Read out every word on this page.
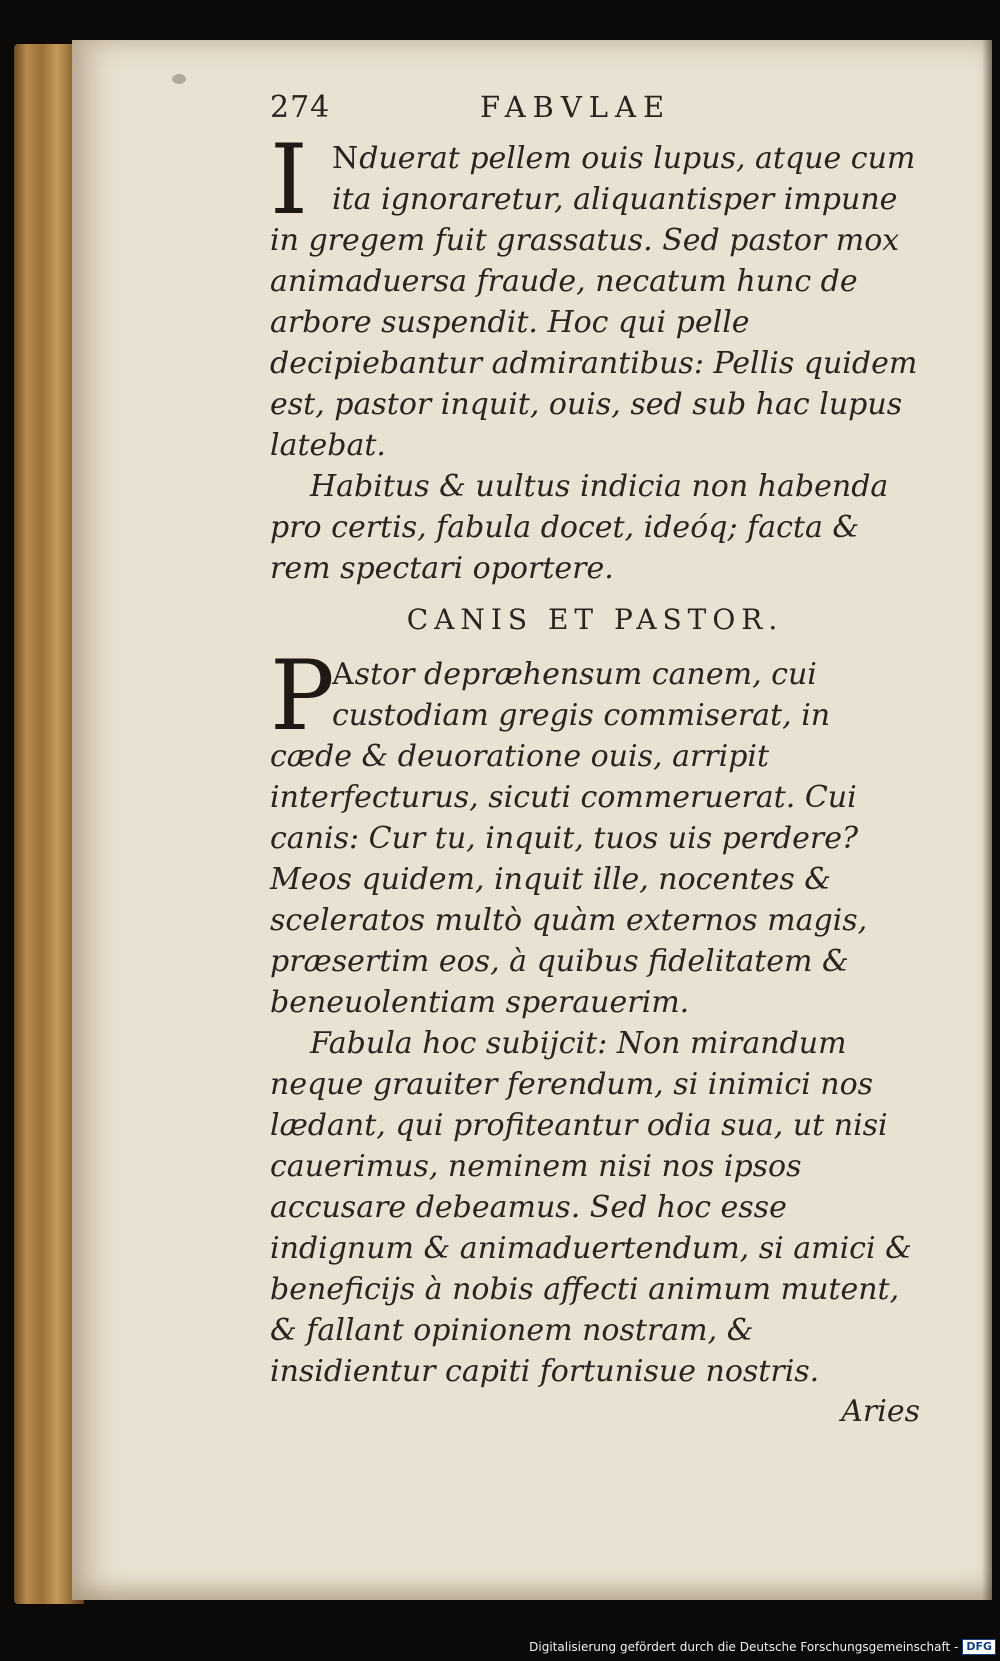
274	FABVLAE

I Nduerat pellem ouis lupus, atque cum ita ignoraretur, aliquantisper impune in gregem fuit grassatus. Sed pastor mox animaduersa fraude, necatum hunc de arbore suspendit. Hoc qui pelle decipiebantur admirantibus: Pellis quidem est, pastor inquit, ouis, sed sub hac lupus latebat.

Habitus & uultus indicia non habenda pro certis, fabula docet, ideóq; facta & rem spectari oportere.

CANIS ET PASTOR.

P
Astor depræhensum canem, cui custodiam gregis commiserat, in cæde & deuoratione ouis, arripit interfecturus, sicuti commeruerat. Cui canis: Cur tu, inquit, tuos uis perdere? Meos quidem, inquit ille, nocentes & sceleratos multò quàm externos magis, præsertim eos, à quibus fidelitatem & beneuolentiam sperauerim.

Fabula hoc subijcit: Non mirandum neque grauiter ferendum, si inimici nos lædant, qui profiteantur odia sua, ut nisi cauerimus, neminem nisi nos ipsos accusare debeamus. Sed hoc esse indignum & animaduertendum, si amici & beneficijs à nobis affecti animum mutent, & fallant opinionem nostram, & insidientur capiti fortunisue nostris.

Aries
Digitalisierung gefördert durch die Deutsche Forschungsgemeinschaft - DFG
